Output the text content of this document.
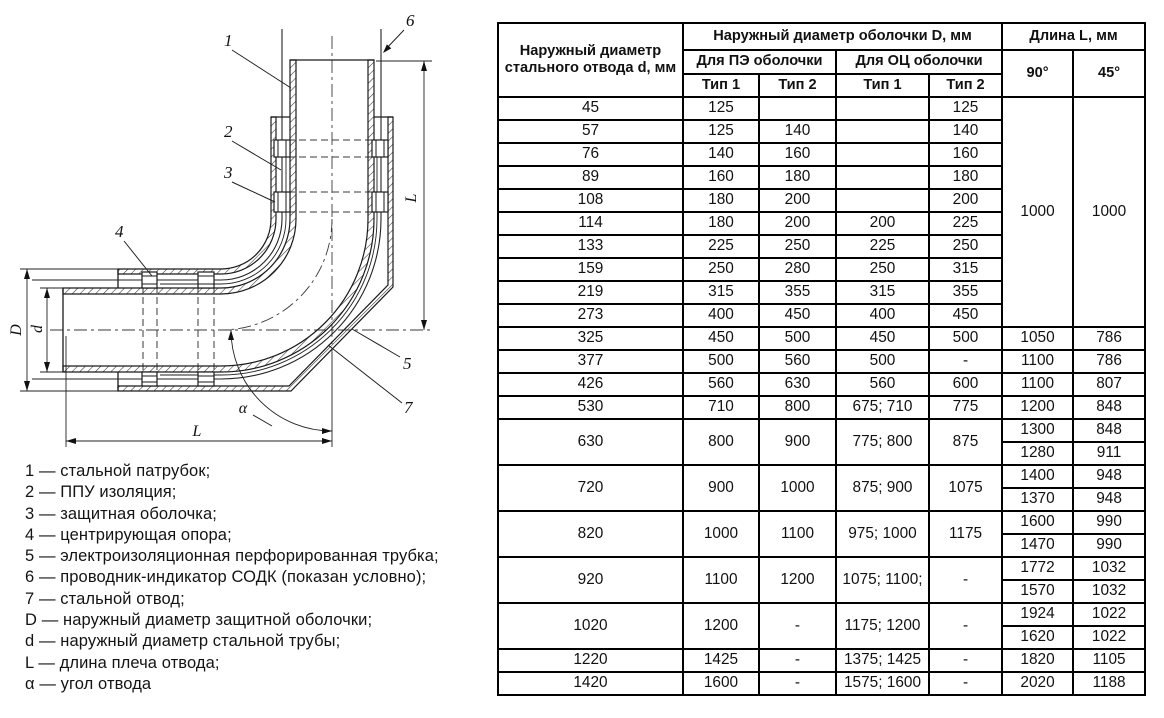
L
L
D d
α
1
2
3
4
5
6
7
1 — стальной патрубок;
2 — ППУ изоляция;
3 — защитная оболочка;
4 — центрирующая опора;
5 — электроизоляционная перфорированная трубка;
6 — проводник-индикатор СОДК (показан условно);
7 — стальной отвод;
D — наружный диаметр защитной оболочки;
d — наружный диаметр стальной трубы;
L — длина плеча отвода;
α — угол отвода
Наружный диаметр стального отвода d, мм	Наружный диаметр оболочки D, мм				Длина L, мм	
	Для ПЭ оболочки		Для ОЦ оболочки		90°	45°
	Тип 1	Тип 2	Тип 1	Тип 2		
45	125			125	1000	1000
57	125	140		140		
76	140	160		160		
89	160	180		180		
108	180	200		200		
114	180	200	200	225		
133	225	250	225	250		
159	250	280	250	315		
219	315	355	315	355		
273	400	450	400	450		
325	450	500	450	500	1050	786
377	500	560	500	-	1100	786
426	560	630	560	600	1100	807
530	710	800	675; 710	775	1200	848
630	800	900	775; 800	875	1300	848
					1280	911
720	900	1000	875; 900	1075	1400	948
					1370	948
820	1000	1100	975; 1000	1175	1600	990
					1470	990
920	1100	1200	1075; 1100;	-	1772	1032
					1570	1032
1020	1200	-	1175; 1200	-	1924	1022
					1620	1022
1220	1425	-	1375; 1425	-	1820	1105
1420	1600	-	1575; 1600	-	2020	1188
